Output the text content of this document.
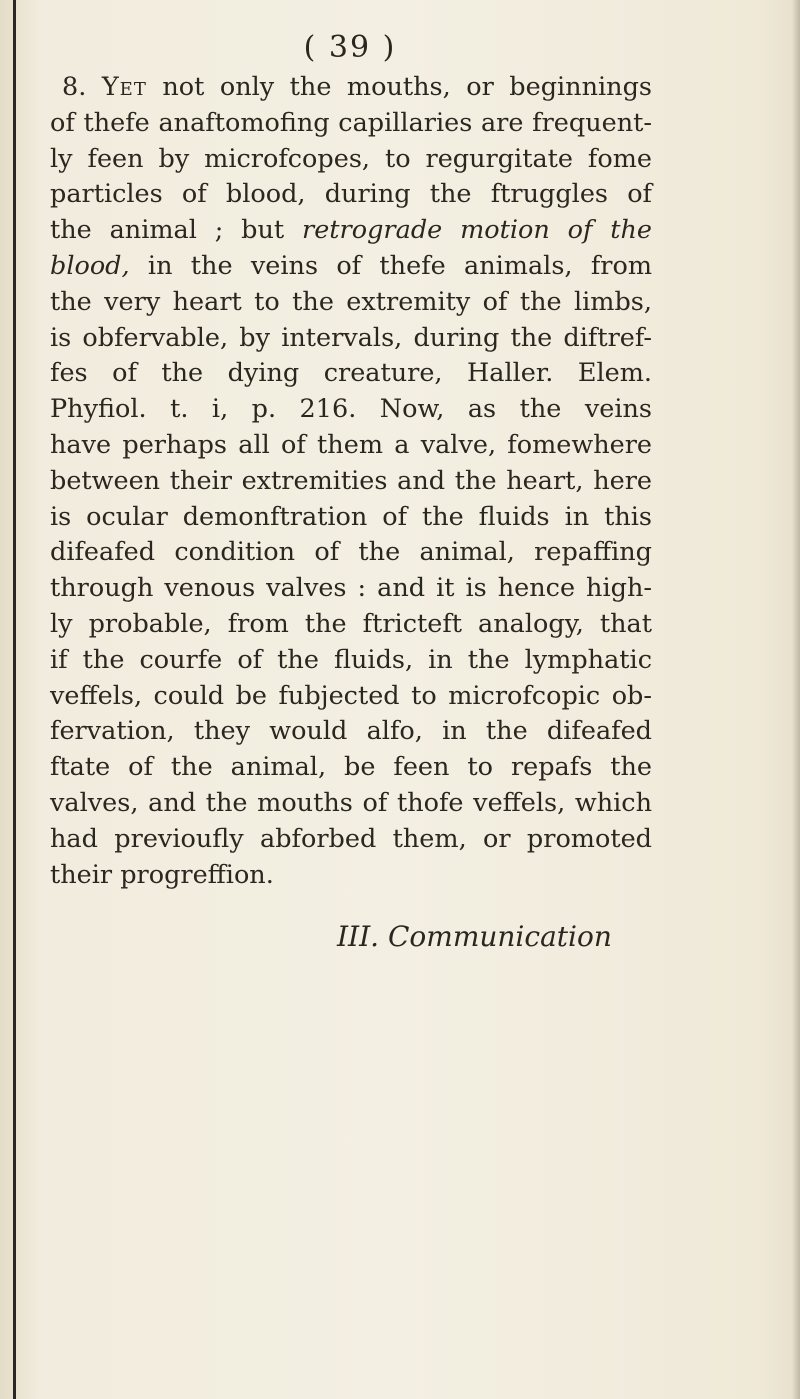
( 39 )
8. Yet not only the mouths, or beginnings
of thefe anaftomofing capillaries are frequent-
ly feen by microfcopes, to regurgitate fome
particles of blood, during the ftruggles of
the animal ; but retrograde motion of the
blood, in the veins of thefe animals, from
the very heart to the extremity of the limbs,
is obfervable, by intervals, during the diftref-
fes of the dying creature, Haller. Elem.
Phyfiol. t. i, p. 216. Now, as the veins
have perhaps all of them a valve, fomewhere
between their extremities and the heart, here
is ocular demonftration of the fluids in this
difeafed condition of the animal, repaffing
through venous valves : and it is hence high-
ly probable, from the ftricteft analogy, that
if the courfe of the fluids, in the lymphatic
veffels, could be fubjected to microfcopic ob-
fervation, they would alfo, in the difeafed
ftate of the animal, be feen to repafs the
valves, and the mouths of thofe veffels, which
had previoufly abforbed them, or promoted
their progreffion.
III. Communication
